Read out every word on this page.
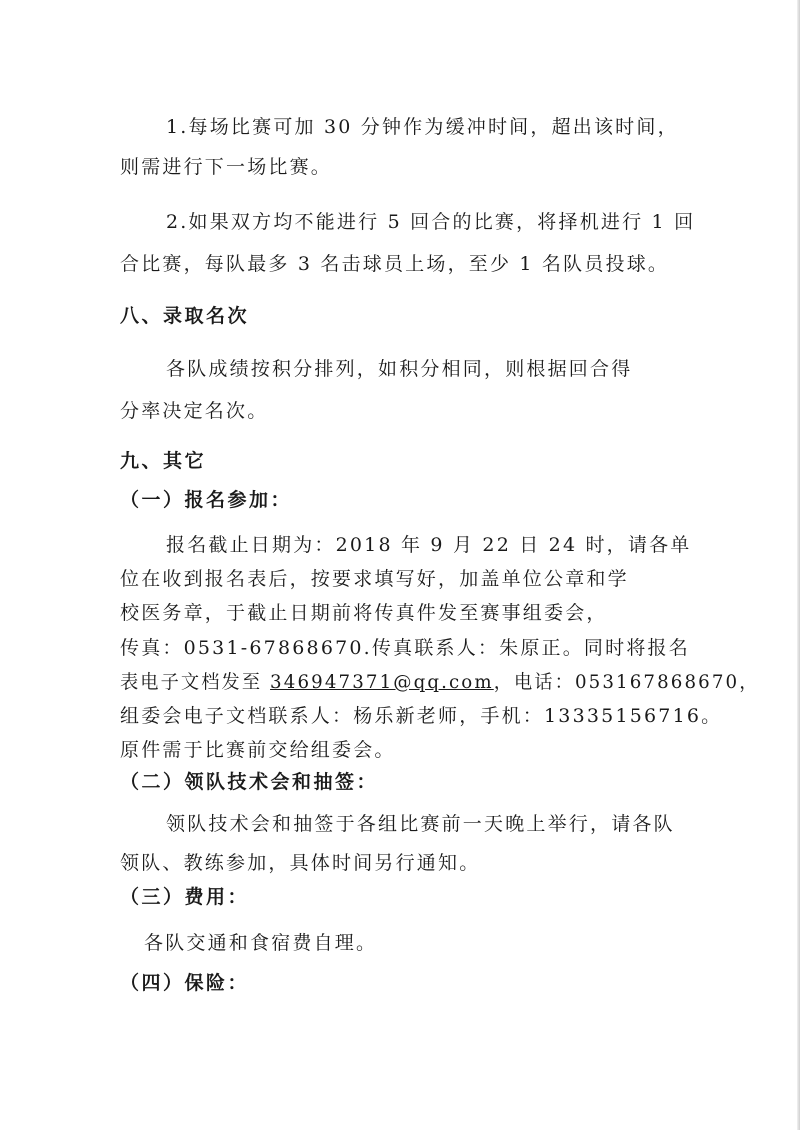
1.每场比赛可加 30 分钟作为缓冲时间，超出该时间，
则需进行下一场比赛。
2.如果双方均不能进行 5 回合的比赛，将择机进行 1 回
合比赛，每队最多 3 名击球员上场，至少 1 名队员投球。
八、录取名次
各队成绩按积分排列，如积分相同，则根据回合得
分率决定名次。
九、其它
（一）报名参加：
报名截止日期为：2018 年 9 月 22 日 24 时，请各单
位在收到报名表后，按要求填写好，加盖单位公章和学
校医务章，于截止日期前将传真件发至赛事组委会，
传真：0531-67868670.传真联系人：朱原正。同时将报名
表电子文档发至 346947371@qq.com，电话：053167868670，
组委会电子文档联系人：杨乐新老师，手机：13335156716。
原件需于比赛前交给组委会。
（二）领队技术会和抽签：
领队技术会和抽签于各组比赛前一天晚上举行，请各队
领队、教练参加，具体时间另行通知。
（三）费用：
各队交通和食宿费自理。
（四）保险：
